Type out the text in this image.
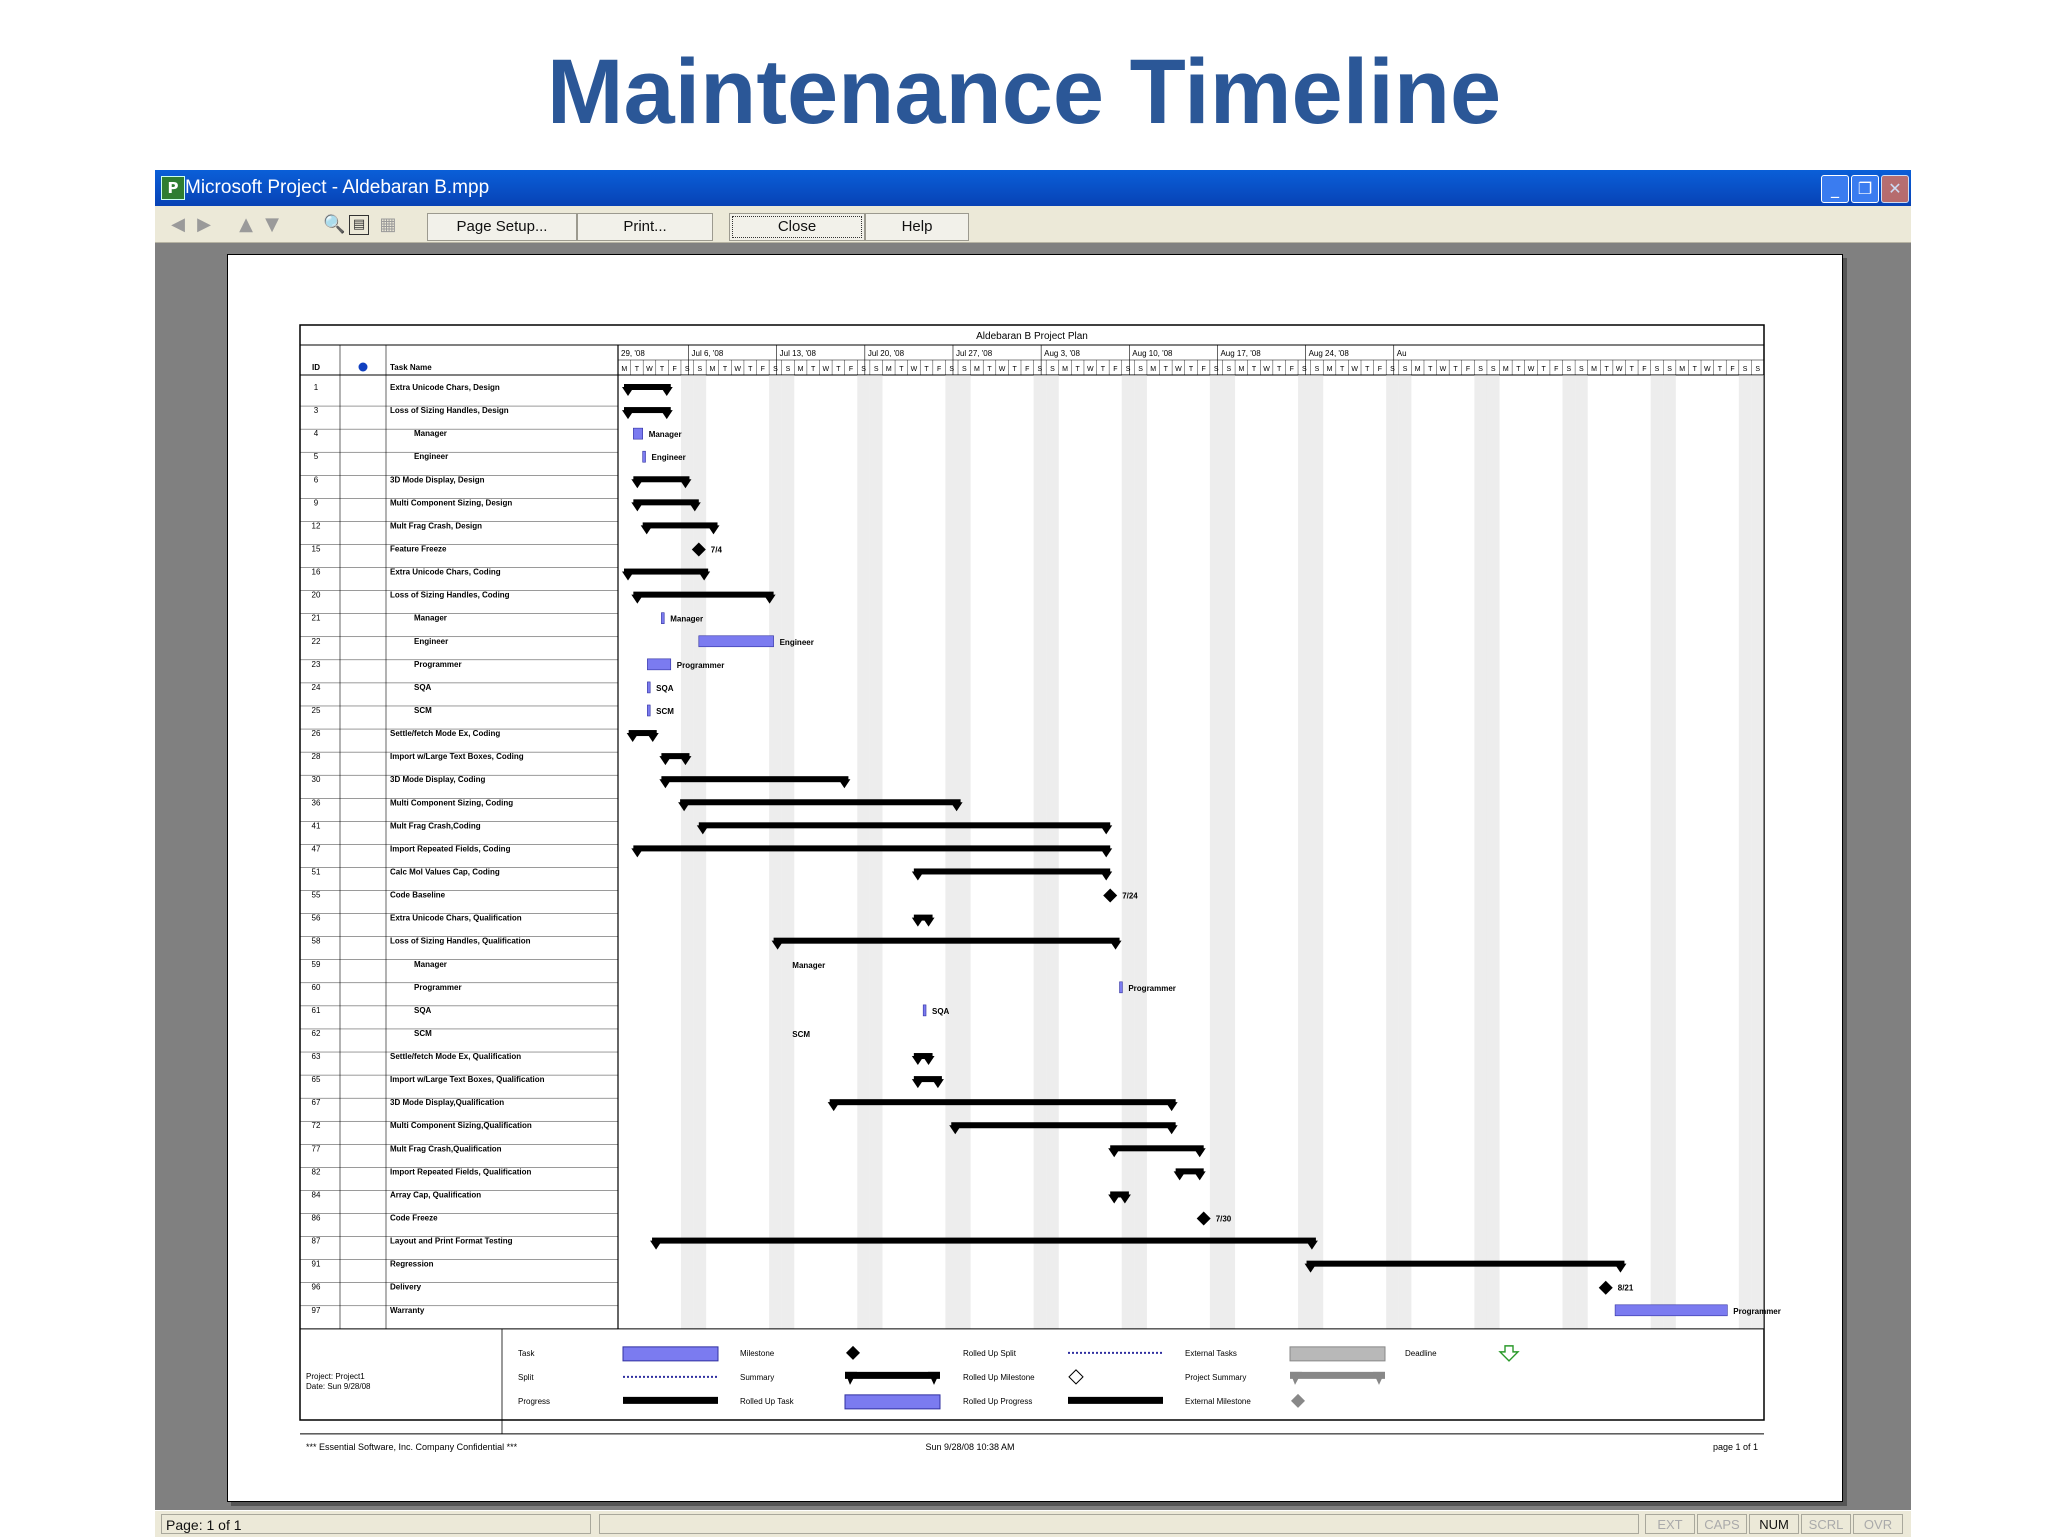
Maintenance Timeline
P Microsoft Project - Aldebaran B.mpp	_	❐	✕
◀ ▶ ▲ ▼ 🔍 ▤ ▦	Page Setup...	Print...	Close	Help
Aldebaran B Project Plan
ID	Task Name
29, '08	Jul 6, '08	Jul 13, '08	Jul 20, '08	Jul 27, '08	Aug 3, '08	Aug 10, '08	Aug 17, '08	Aug 24, '08	Au
M T W T F S S M T W T F S S M T W T F S S M T W T F S S M T W T F S S M T W T F S S M T W T F S S M T W T F S S M T W T F S S M T W T F S S M T W T F S S M T W T F S S M T W T F S S
1	Extra Unicode Chars, Design
3	Loss of Sizing Handles, Design
4	Manager	Manager
5	Engineer	Engineer
6	3D Mode Display, Design
9	Multi Component Sizing, Design
12	Mult Frag Crash, Design
15	Feature Freeze	7/4
16	Extra Unicode Chars, Coding
20	Loss of Sizing Handles, Coding
21	Manager	Manager
22	Engineer	Engineer
23	Programmer	Programmer
24	SQA	SQA
25	SCM	SCM
26	Settle/fetch Mode Ex, Coding
28	Import w/Large Text Boxes, Coding
30	3D Mode Display, Coding
36	Multi Component Sizing, Coding
41	Mult Frag Crash,Coding
47	Import Repeated Fields, Coding
51	Calc Mol Values Cap, Coding
55	Code Baseline	7/24
56	Extra Unicode Chars, Qualification
58	Loss of Sizing Handles, Qualification
59	Manager	Manager
60	Programmer	Programmer
61	SQA	SQA
62	SCM	SCM
63	Settle/fetch Mode Ex, Qualification
65	Import w/Large Text Boxes, Qualification
67	3D Mode Display,Qualification
72	Multi Component Sizing,Qualification
77	Mult Frag Crash,Qualification
82	Import Repeated Fields, Qualification
84	Array Cap, Qualification
86	Code Freeze	7/30
87	Layout and Print Format Testing
91	Regression
96	Delivery	8/21
97	Warranty	Programmer
Project: Project1
Date: Sun 9/28/08
Task
Split
Progress
Milestone
Summary
Rolled Up Task
Rolled Up Split
Rolled Up Milestone
Rolled Up Progress
External Tasks
Project Summary
External Milestone
Deadline
*** Essential Software, Inc. Company Confidential ***	Sun 9/28/08 10:38 AM	page 1 of 1
Page: 1 of 1	EXT	CAPS	NUM	SCRL	OVR
